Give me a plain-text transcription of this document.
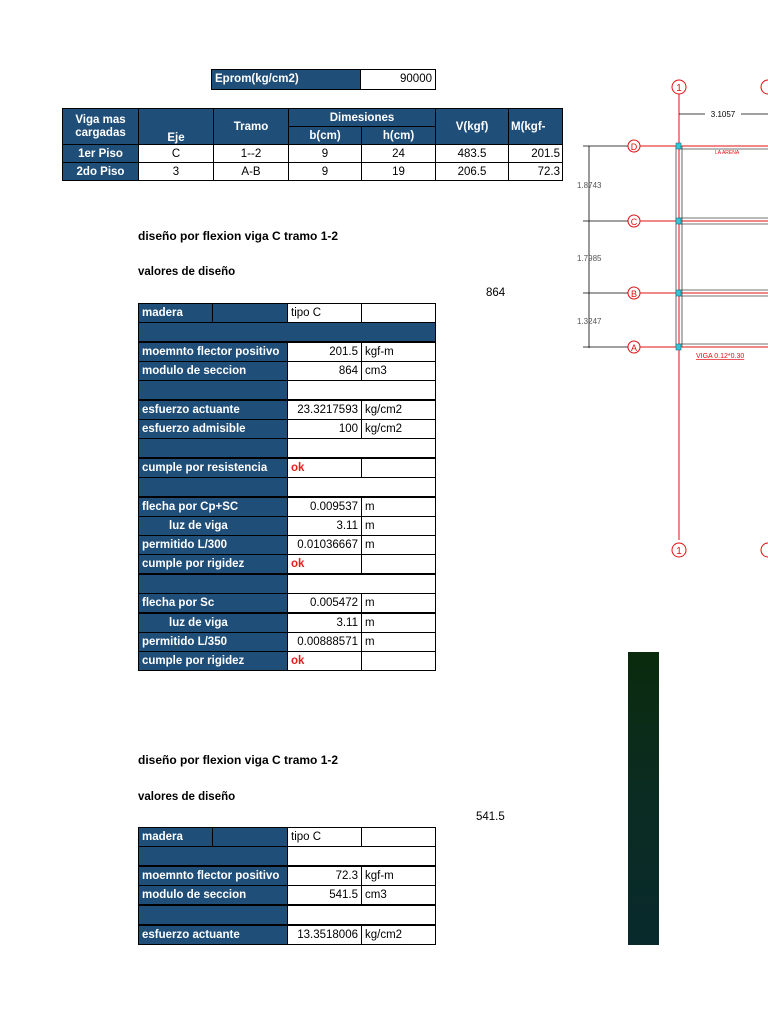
Eprom(kg/cm2)	90000
Viga mas cargadas	Eje	Tramo	Dimesiones		V(kgf)	M(kgf-
			b(cm)	h(cm)		
1er Piso	C	1--2	9	24	483.5	201.5
2do Piso	3	A-B	9	19	206.5	72.3
diseño por flexion viga C tramo 1-2
valores de diseño
864
madera	tipo C
moemnto flector positivo	201.5 kgf-m
modulo de seccion	864 cm3
esfuerzo actuante	23.3217593 kg/cm2
esfuerzo admisible	100 kg/cm2
cumple por resistencia	ok
flecha por Cp+SC	0.009537 m
luz de viga	3.11 m
permitido L/300	0.01036667 m
cumple por rigidez	ok
flecha por Sc	0.005472 m
luz de viga	3.11 m
permitido L/350	0.00888571 m
cumple por rigidez	ok
diseño por flexion viga C tramo 1-2
valores de diseño
541.5
madera	tipo C
moemnto flector positivo	72.3 kgf-m
modulo de seccion	541.5 cm3
esfuerzo actuante	13.3518006 kg/cm2
1
1
3.1057
1.8743
1.7985
1.3247
D
LA ARENA
C
B
A
VIGA 0.12*0.30
